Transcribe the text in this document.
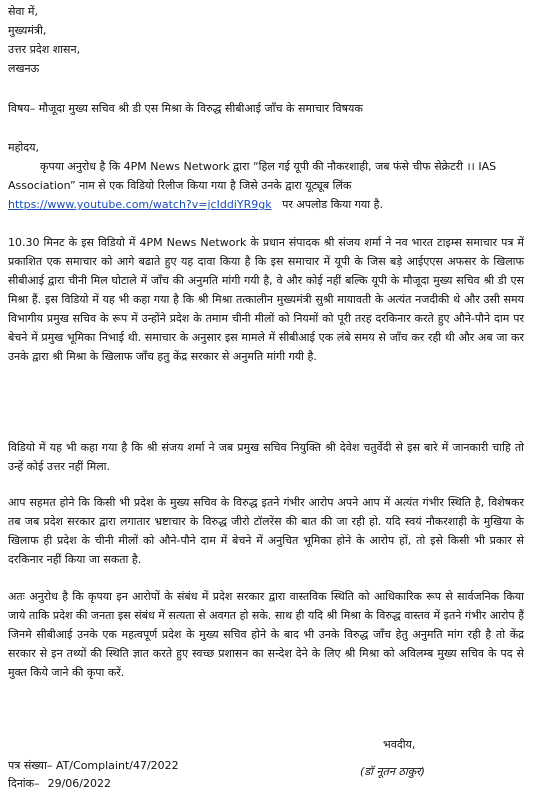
सेवा में,
मुख्यमंत्री,
उत्तर प्रदेश शासन,
लखनऊ

विषय– मौजूदा मुख्य सचिव श्री डी एस मिश्रा के विरुद्ध सीबीआई जाँच के समाचार विषयक

महोदय,

कृपया अनुरोध है कि 4PM News Network द्वारा “हिल गई यूपी की नौकरशाही, जब फंसे चीफ सेक्रेटरी ।। IAS Association” नाम से एक विडियो रिलीज किया गया है जिसे उनके द्वारा यूट्यूब लिंक https://www.youtube.com/watch?v=jcIddiYR9gk पर अपलोड किया गया है.

10.30 मिनट के इस विडियो में 4PM News Network के प्रधान संपादक श्री संजय शर्मा ने नव भारत टाइम्स समाचार पत्र में प्रकाशित एक समाचार को आगे बढाते हुए यह दावा किया है कि इस समाचार में यूपी के जिस बड़े आईएएस अफसर के खिलाफ सीबीआई द्वारा चीनी मिल घोटाले में जाँच की अनुमति मांगी गयी है, वे और कोई नहीं बल्कि यूपी के मौजूदा मुख्य सचिव श्री डी एस मिश्रा हैं. इस विडियो में यह भी कहा गया है कि श्री मिश्रा तत्कालीन मुख्यमंत्री सुश्री मायावती के अत्यंत नजदीकी थे और उसी समय विभागीय प्रमुख सचिव के रूप में उन्होंने प्रदेश के तमाम चीनी मीलों को नियमों को पूरी तरह दरकिनार करते हुए औने-पौने दाम पर बेचने में प्रमुख भूमिका निभाई थी. समाचार के अनुसार इस मामले में सीबीआई एक लंबे समय से जाँच कर रही थी और अब जा कर उनके द्वारा श्री मिश्रा के खिलाफ जाँच हतु केंद्र सरकार से अनुमति मांगी गयी है.

विडियो में यह भी कहा गया है कि श्री संजय शर्मा ने जब प्रमुख सचिव नियुक्ति श्री देवेश चतुर्वेदी से इस बारे में जानकारी चाहि तो उन्हें कोई उत्तर नहीं मिला.

आप सहमत होने कि किसी भी प्रदेश के मुख्य सचिव के विरुद्ध इतने गंभीर आरोप अपने आप में अत्यंत गंभीर स्थिति है, विशेषकर तब जब प्रदेश सरकार द्वारा लगातार भ्रष्टाचार के विरुद्ध जीरो टॉलरेंस की बात की जा रही हो. यदि स्वयं नौकरशाही के मुखिया के खिलाफ ही प्रदेश के चीनी मीलों को औने-पौने दाम में बेचने में अनुचित भूमिका होने के आरोप हों, तो इसे किसी भी प्रकार से दरकिनार नहीं किया जा सकता है.

अतः अनुरोध है कि कृपया इन आरोपों के संबंध में प्रदेश सरकार द्वारा वास्तविक स्थिति को आधिकारिक रूप से सार्वजनिक किया जाये ताकि प्रदेश की जनता इस संबंध में सत्यता से अवगत हो सके. साथ ही यदि श्री मिश्रा के विरुद्ध वास्तव में इतने गंभीर आरोप हैं जिनमे सीबीआई उनके एक महत्वपूर्ण प्रदेश के मुख्य सचिव होने के बाद भी उनके विरुद्ध जाँच हेतु अनुमति मांग रही है तो केंद्र सरकार से इन तथ्यों की स्थिति ज्ञात करते हुए स्वच्छ प्रशासन का सन्देश देने के लिए श्री मिश्रा को अविलम्ब मुख्य सचिव के पद से मुक्त किये जाने की कृपा करें.

भवदीय,
पत्र संख्या– AT/Complaint/47/2022
दिनांक– 29/06/2022
(डॉ नूतन ठाकुर)
